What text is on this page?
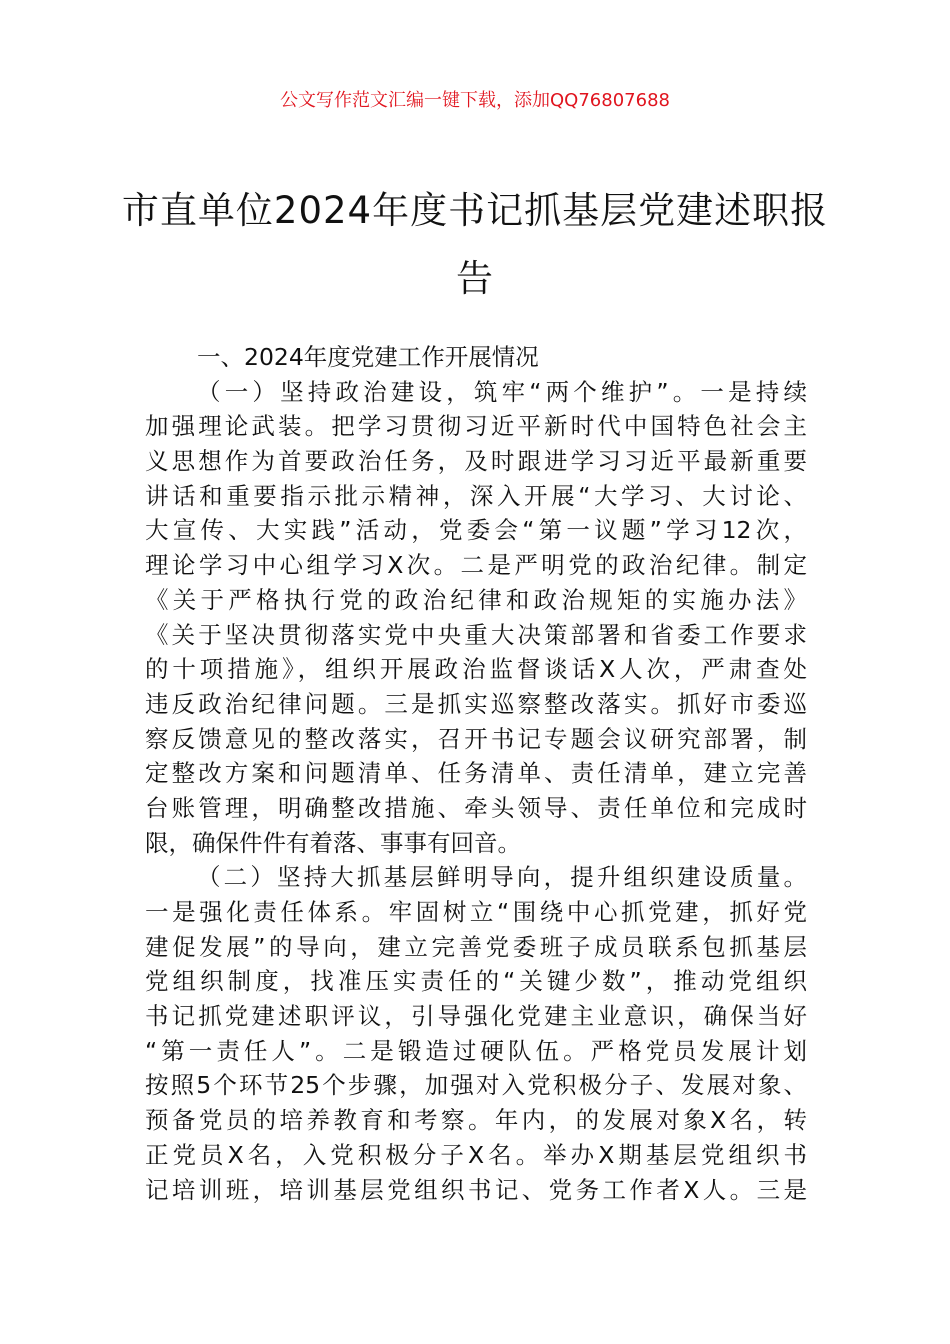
公文写作范文汇编一键下载，添加QQ76807688
市直单位2024年度书记抓基层党建述职报
告
一、2024年度党建工作开展情况
（一）坚持政治建设，筑牢“两个维护”。一是持续
加强理论武装。把学习贯彻习近平新时代中国特色社会主
义思想作为首要政治任务，及时跟进学习习近平最新重要
讲话和重要指示批示精神，深入开展“大学习、大讨论、
大宣传、大实践”活动，党委会“第一议题”学习12次，
理论学习中心组学习X次。二是严明党的政治纪律。制定
《关于严格执行党的政治纪律和政治规矩的实施办法》
《关于坚决贯彻落实党中央重大决策部署和省委工作要求
的十项措施》，组织开展政治监督谈话X人次，严肃查处
违反政治纪律问题。三是抓实巡察整改落实。抓好市委巡
察反馈意见的整改落实，召开书记专题会议研究部署，制
定整改方案和问题清单、任务清单、责任清单，建立完善
台账管理，明确整改措施、牵头领导、责任单位和完成时
限，确保件件有着落、事事有回音。
（二）坚持大抓基层鲜明导向，提升组织建设质量。
一是强化责任体系。牢固树立“围绕中心抓党建，抓好党
建促发展”的导向，建立完善党委班子成员联系包抓基层
党组织制度，找准压实责任的“关键少数”，推动党组织
书记抓党建述职评议，引导强化党建主业意识，确保当好
“第一责任人”。二是锻造过硬队伍。严格党员发展计划
按照5个环节25个步骤，加强对入党积极分子、发展对象、
预备党员的培养教育和考察。年内，的发展对象X名，转
正党员X名，入党积极分子X名。举办X期基层党组织书
记培训班，培训基层党组织书记、党务工作者X人。三是
